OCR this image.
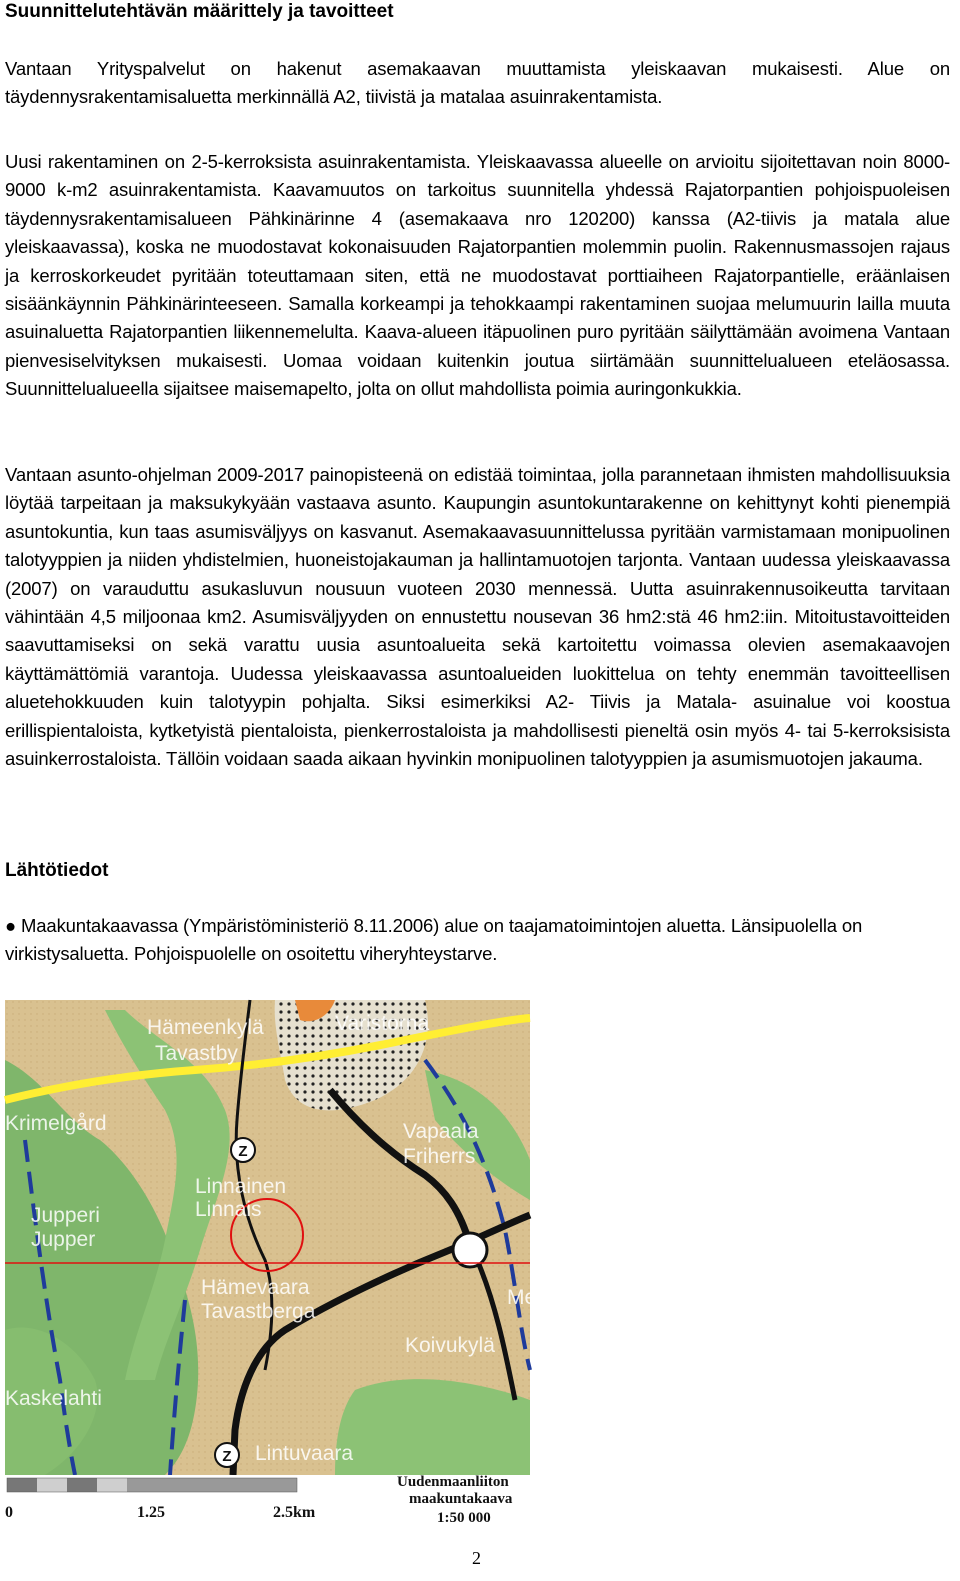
Suunnittelutehtävän määrittely ja tavoitteet

Vantaan Yrityspalvelut on hakenut asemakaavan muuttamista yleiskaavan mukaisesti. Alue on täydennysrakentamisaluetta merkinnällä A2, tiivistä ja matalaa asuinrakentamista.

Uusi rakentaminen on 2-5-kerroksista asuinrakentamista. Yleiskaavassa alueelle on arvioitu sijoitettavan noin 8000-9000 k-m2 asuinrakentamista. Kaavamuutos on tarkoitus suunnitella yhdessä Rajatorpantien pohjoispuoleisen täydennysrakentamisalueen Pähkinärinne 4 (asemakaava nro 120200) kanssa (A2-tiivis ja matala alue yleiskaavassa), koska ne muodostavat kokonaisuuden Rajatorpantien molemmin puolin. Rakennusmassojen rajaus ja kerroskorkeudet pyritään toteuttamaan siten, että ne muodostavat porttiaiheen Rajatorpantielle, eräänlaisen sisäänkäynnin Pähkinärinteeseen. Samalla korkeampi ja tehokkaampi rakentaminen suojaa melumuurin lailla muuta asuinaluetta Rajatorpantien liikennemelulta. Kaava-alueen itäpuolinen puro pyritään säilyttämään avoimena Vantaan pienvesiselvityksen mukaisesti. Uomaa voidaan kuitenkin joutua siirtämään suunnittelualueen eteläosassa. Suunnittelualueella sijaitsee maisemapelto, jolta on ollut mahdollista poimia auringonkukkia.

Vantaan asunto-ohjelman 2009-2017 painopisteenä on edistää toimintaa, jolla parannetaan ihmisten mahdollisuuksia löytää tarpeitaan ja maksukykyään vastaava asunto. Kaupungin asuntokuntarakenne on kehittynyt kohti pienempiä asuntokuntia, kun taas asumisväljyys on kasvanut. Asemakaavasuunnittelussa pyritään varmistamaan monipuolinen talotyyppien ja niiden yhdistelmien, huoneistojakauman ja hallintamuotojen tarjonta. Vantaan uudessa yleiskaavassa (2007) on varauduttu asukasluvun nousuun vuoteen 2030 mennessä. Uutta asuinrakennusoikeutta tarvitaan vähintään 4,5 miljoonaa km2. Asumisväljyyden on ennustettu nousevan 36 hm2:stä 46 hm2:iin. Mitoitustavoitteiden saavuttamiseksi on sekä varattu uusia asuntoalueita sekä kartoitettu voimassa olevien asemakaavojen käyttämättömiä varantoja. Uudessa yleiskaavassa asuntoalueiden luokittelua on tehty enemmän tavoitteellisen aluetehokkuuden kuin talotyypin pohjalta. Siksi esimerkiksi A2- Tiivis ja Matala- asuinalue voi koostua erillispientaloista, kytketyistä pientaloista, pienkerrostaloista ja mahdollisesti pieneltä osin myös 4- tai 5-kerroksisista asuinkerrostaloista. Tällöin voidaan saada aikaan hyvinkin monipuolinen talotyyppien ja asumismuotojen jakauma.

Lähtötiedot

● Maakuntakaavassa (Ympäristöministeriö 8.11.2006) alue on taajamatoimintojen aluetta. Länsipuolella on virkistysaluetta. Pohjoispuolelle on osoitettu viheryhteystarve.

Z
Z
Hämeenkylä
Tavastby
Varistorna
Krimelgård	Vapaala
Friherrs
Linnainen
Linnais
Jupperi
Jupper
Hämevaara
Tavastberga
Koivukylä
Kaskelahti
Lintuvaara
Me
0	1.25	2.5km
Uudenmaanliiton
maakuntakaava
1:50 000
2
